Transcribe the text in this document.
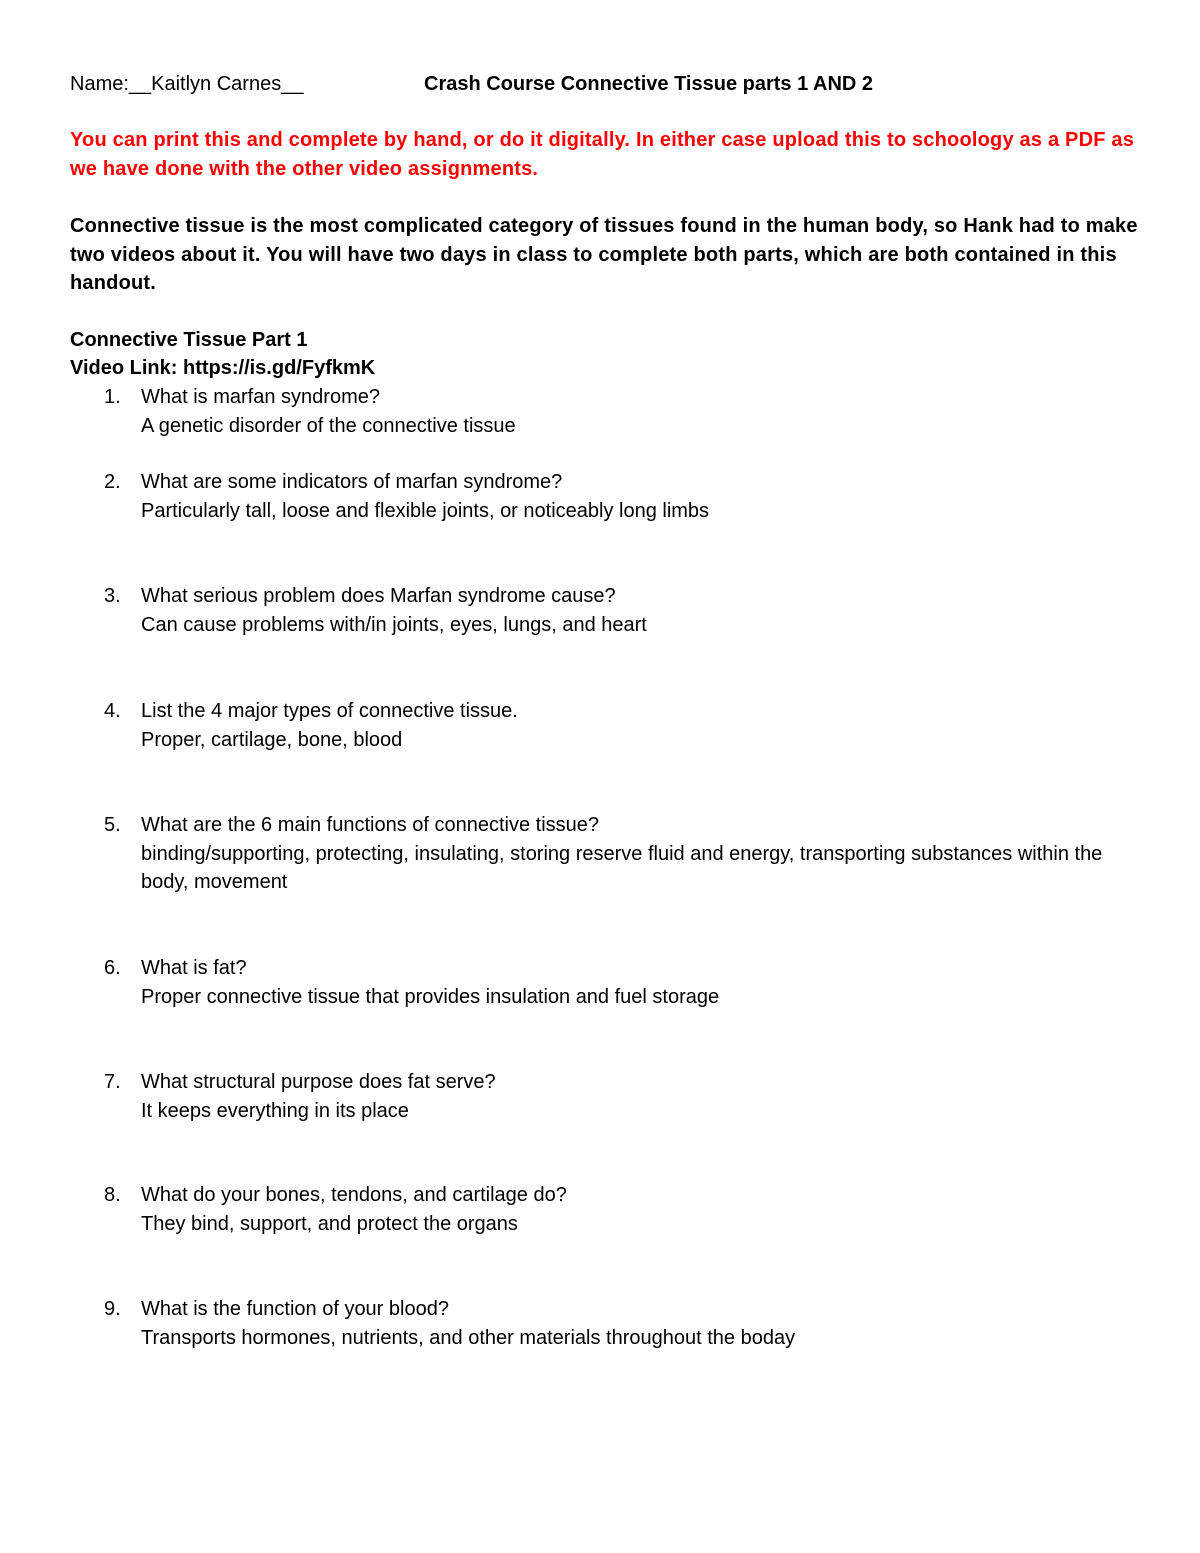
Name:__Kaitlyn Carnes__	Crash Course Connective Tissue parts 1 AND 2
You can print this and complete by hand, or do it digitally. In either case upload this to schoology as a PDF as we have done with the other video assignments.
Connective tissue is the most complicated category of tissues found in the human body, so Hank had to make two videos about it. You will have two days in class to complete both parts, which are both contained in this handout.
Connective Tissue Part 1
Video Link: https://is.gd/FyfkmK
1. What is marfan syndrome?
A genetic disorder of the connective tissue
2. What are some indicators of marfan syndrome?
Particularly tall, loose and flexible joints, or noticeably long limbs
3. What serious problem does Marfan syndrome cause?
Can cause problems with/in joints, eyes, lungs, and heart
4. List the 4 major types of connective tissue.
Proper, cartilage, bone, blood
5. What are the 6 main functions of connective tissue?
binding/supporting, protecting, insulating, storing reserve fluid and energy, transporting substances within the body, movement
6. What is fat?
Proper connective tissue that provides insulation and fuel storage
7. What structural purpose does fat serve?
It keeps everything in its place
8. What do your bones, tendons, and cartilage do?
They bind, support, and protect the organs
9. What is the function of your blood?
Transports hormones, nutrients, and other materials throughout the boday
